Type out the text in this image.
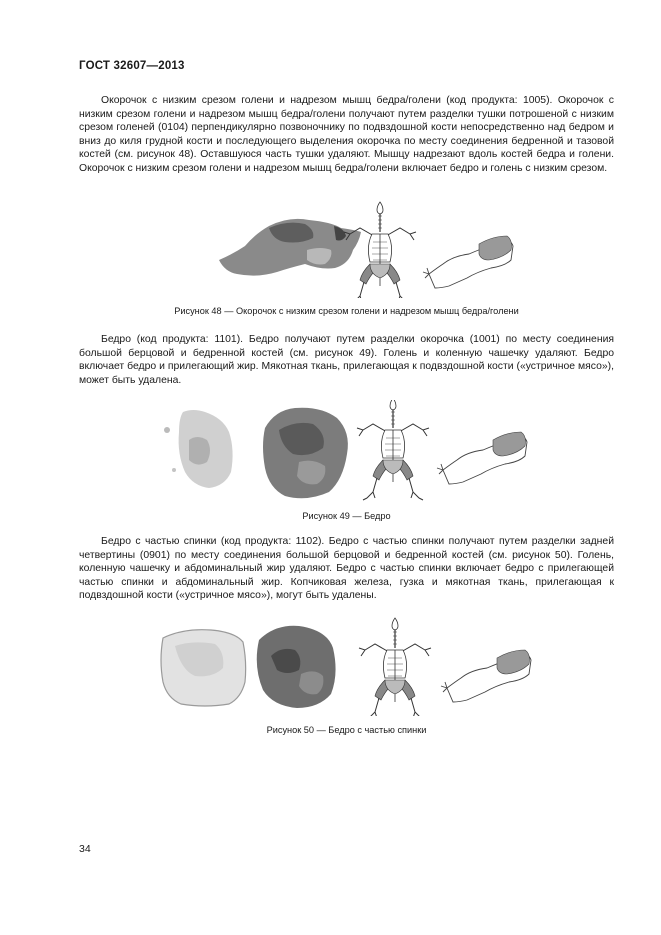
ГОСТ 32607—2013

Окорочок с низким срезом голени и надрезом мышц бедра/голени (код продукта: 1005). Окорочок с низким срезом голени и надрезом мышц бедра/голени получают путем разделки тушки потрошеной с низким срезом голеней (0104) перпендикулярно позвоночнику по подвздошной кости непосредственно над бедром и вниз до киля грудной кости и последующего выделения окорочка по месту соединения бедренной и тазовой костей (см. рисунок 48). Оставшуюся часть тушки удаляют. Мышцу надрезают вдоль костей бедра и голени. Окорочок с низким срезом голени и надрезом мышц бедра/голени включает бедро и голень с низким срезом.

Рисунок 48 — Окорочок с низким срезом голени и надрезом мышц бедра/голени

Бедро (код продукта: 1101). Бедро получают путем разделки окорочка (1001) по месту соединения большой берцовой и бедренной костей (см. рисунок 49). Голень и коленную чашечку удаляют. Бедро включает бедро и прилегающий жир. Мякотная ткань, прилегающая к подвздошной кости («устричное мясо»), может быть удалена.

Рисунок 49 — Бедро

Бедро с частью спинки (код продукта: 1102). Бедро с частью спинки получают путем разделки задней четвертины (0901) по месту соединения большой берцовой и бедренной костей (см. рисунок 50). Голень, коленную чашечку и абдоминальный жир удаляют. Бедро с частью спинки включает бедро с прилегающей частью спинки и абдоминальный жир. Копчиковая железа, гузка и мякотная ткань, прилегающая к подвздошной кости («устричное мясо»), могут быть удалены.

Рисунок 50 — Бедро с частью спинки
34
